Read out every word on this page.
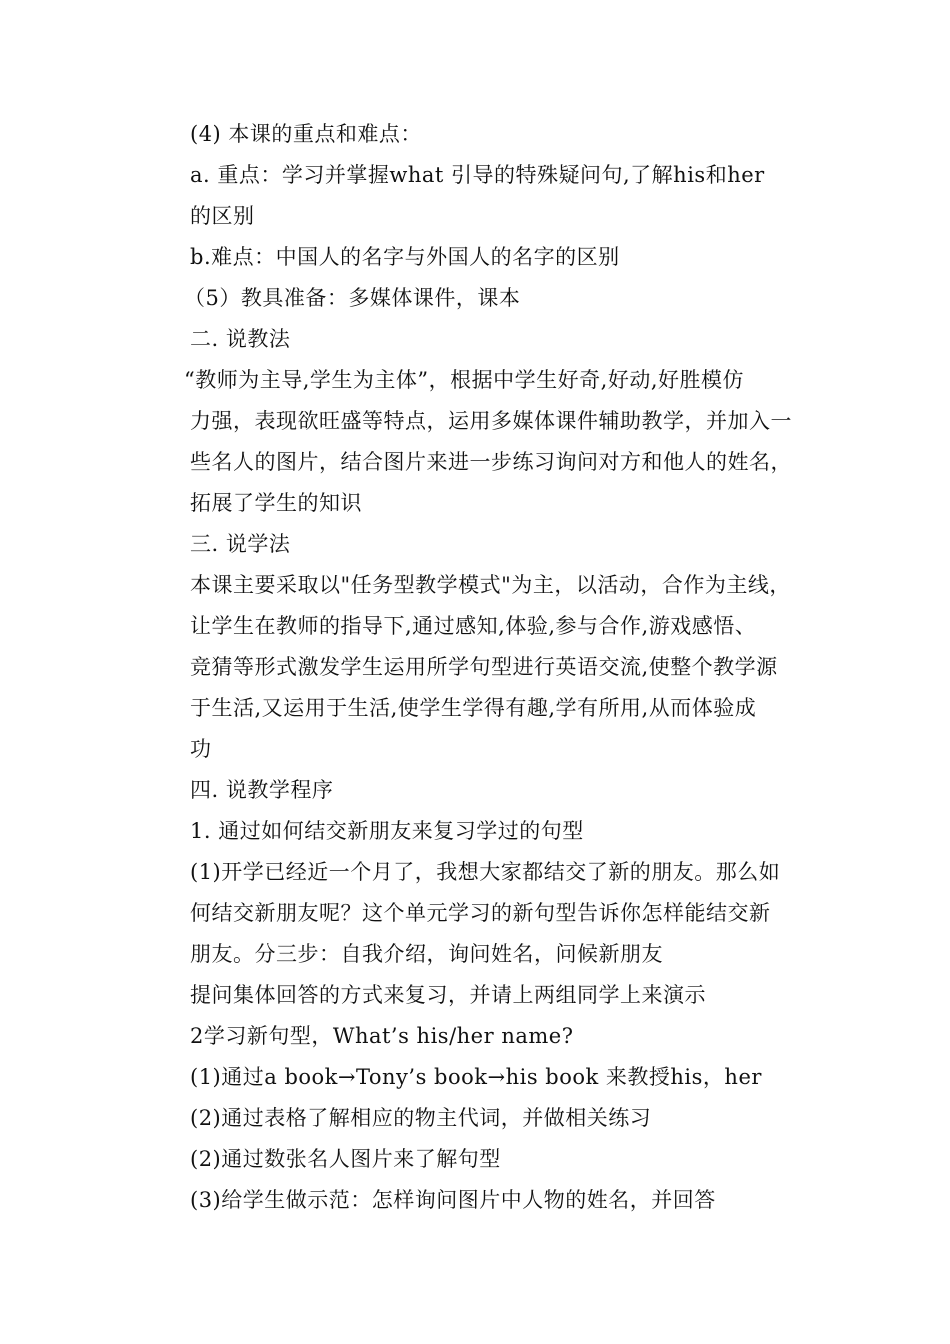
(4) 本课的重点和难点：
a. 重点：学习并掌握what 引导的特殊疑问句,了解his和her
的区别
b.难点：中国人的名字与外国人的名字的区别
（5）教具准备：多媒体课件，课本
二. 说教法
“教师为主导,学生为主体”，根据中学生好奇,好动,好胜模仿
力强，表现欲旺盛等特点，运用多媒体课件辅助教学，并加入一
些名人的图片，结合图片来进一步练习询问对方和他人的姓名，
拓展了学生的知识
三. 说学法
本课主要采取以"任务型教学模式"为主，以活动，合作为主线，
让学生在教师的指导下,通过感知,体验,参与合作,游戏感悟、
竞猜等形式激发学生运用所学句型进行英语交流,使整个教学源
于生活,又运用于生活,使学生学得有趣,学有所用,从而体验成
功
四. 说教学程序
1. 通过如何结交新朋友来复习学过的句型
(1)开学已经近一个月了，我想大家都结交了新的朋友。那么如
何结交新朋友呢？这个单元学习的新句型告诉你怎样能结交新
朋友。分三步：自我介绍，询问姓名，问候新朋友
提问集体回答的方式来复习，并请上两组同学上来演示
2学习新句型，What’s his/her name?
(1)通过a book→Tony’s book→his book 来教授his，her
(2)通过表格了解相应的物主代词，并做相关练习
(2)通过数张名人图片来了解句型
(3)给学生做示范：怎样询问图片中人物的姓名，并回答
